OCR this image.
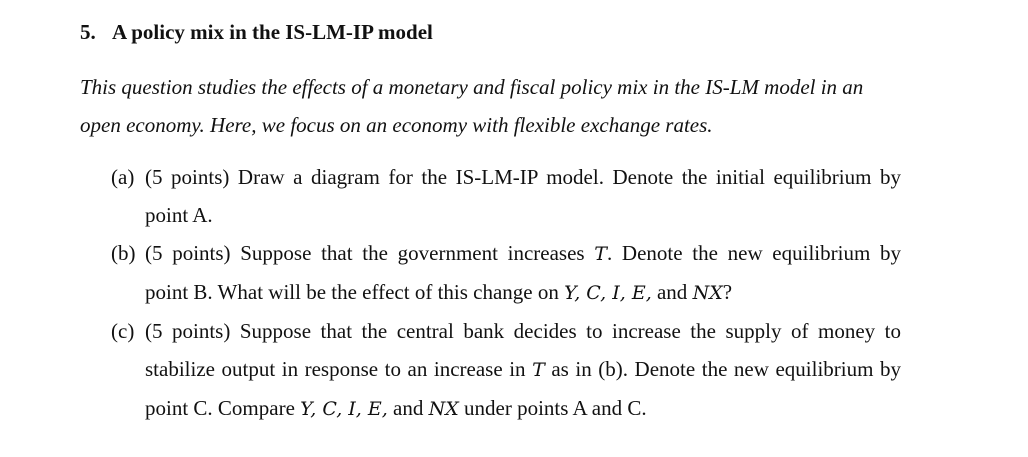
5. A policy mix in the IS-LM-IP model
This question studies the effects of a monetary and fiscal policy mix in the IS-LM model in an
open economy. Here, we focus on an economy with flexible exchange rates.
(a) (5 points) Draw a diagram for the IS-LM-IP model. Denote the initial equilibrium by
point A.
(b) (5 points) Suppose that the government increases T. Denote the new equilibrium by
point B. What will be the effect of this change on Y, C, I, E, and NX?
(c) (5 points) Suppose that the central bank decides to increase the supply of money to
stabilize output in response to an increase in T as in (b). Denote the new equilibrium by
point C. Compare Y, C, I, E, and NX under points A and C.
